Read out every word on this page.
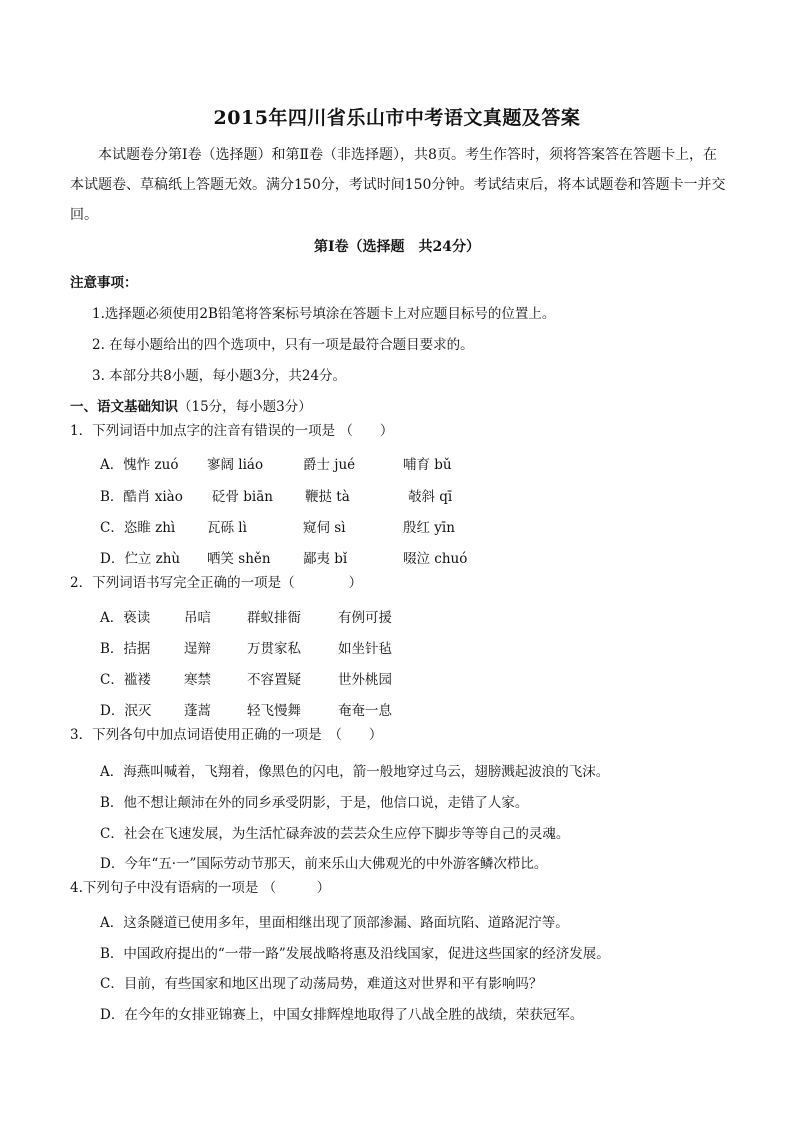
2015年四川省乐山市中考语文真题及答案

本试题卷分第Ⅰ卷（选择题）和第Ⅱ卷（非选择题），共8页。考生作答时，须将答案答在答题卡上，在本试题卷、草稿纸上答题无效。满分150分，考试时间150分钟。考试结束后，将本试题卷和答题卡一并交回。

第Ⅰ卷（选择题　共24分）
注意事项：
1.选择题必须使用2B铅笔将答案标号填涂在答题卡上对应题目标号的位置上。
2. 在每小题给出的四个选项中，只有一项是最符合题目要求的。
3. 本部分共8小题，每小题3分，共24分。
一、语文基础知识（15分，每小题3分）
1．下列词语中加点字的注音有错误的一项是 （　　）
A．愧怍 zuó 寥阔 liáo	爵士 jué	哺育 bǔ
B．酷肖 xiào 砭骨 biān 鞭挞 tà	攲斜 qī
C．恣睢 zhì 瓦砾 lì	窥伺 sì	殷红 yīn
D．伫立 zhù 哂笑 shěn 鄙夷 bǐ	啜泣 chuó
2．下列词语书写完全正确的一项是（　　　　）
A．亵读	吊唁	群蚁排衙	有例可援
B．拮据 逞辩	万贯家私	如坐针毡
C．褴褛 寒禁	不容置疑	世外桃园
D．泯灭 蓬蒿	轻飞慢舞	奄奄一息
3．下列各句中加点词语使用正确的一项是　（　　）
A．海燕叫喊着，飞翔着，像黑色的闪电，箭一般地穿过乌云，翅膀溅起波浪的飞沫。
B．他不想让颠沛在外的同乡承受阴影，于是，他信口说，走错了人家。
C．社会在飞速发展，为生活忙碌奔波的芸芸众生应停下脚步等等自己的灵魂。
D．今年“五·一”国际劳动节那天，前来乐山大佛观光的中外游客鳞次栉比。
4.下列句子中没有语病的一项是 （　　　）
A．这条隧道已使用多年，里面相继出现了顶部渗漏、路面坑陷、道路泥泞等。
B．中国政府提出的“一带一路”发展战略将惠及沿线国家，促进这些国家的经济发展。
C．目前，有些国家和地区出现了动荡局势，难道这对世界和平有影响吗？
D．在今年的女排亚锦赛上，中国女排辉煌地取得了八战全胜的战绩，荣获冠军。
